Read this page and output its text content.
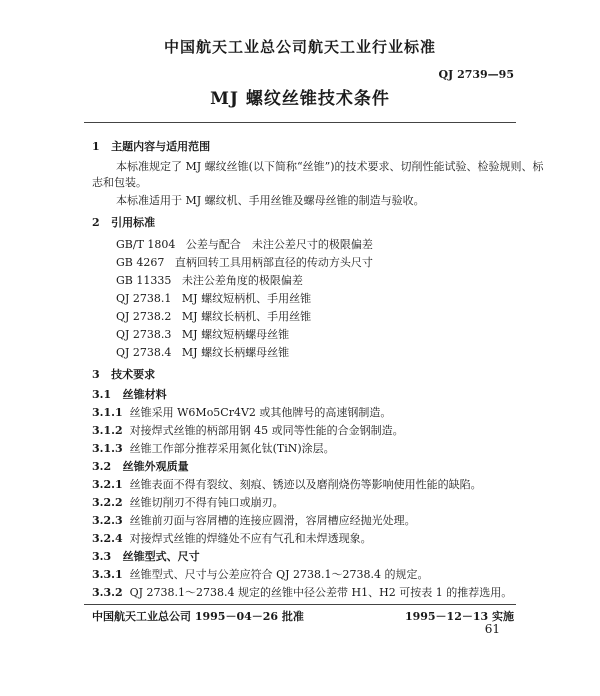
中国航天工业总公司航天工业行业标准
QJ 2739—95
MJ 螺纹丝锥技术条件
1 主题内容与适用范围
本标准规定了 MJ 螺纹丝锥(以下简称“丝锥”)的技术要求、切削性能试验、检验规则、标
志和包装。
本标准适用于 MJ 螺纹机、手用丝锥及螺母丝锥的制造与验收。
2 引用标准
GB/T 1804 公差与配合　未注公差尺寸的极限偏差
GB 4267 直柄回转工具用柄部直径的传动方头尺寸
GB 11335 未注公差角度的极限偏差
QJ 2738.1 MJ 螺纹短柄机、手用丝锥
QJ 2738.2 MJ 螺纹长柄机、手用丝锥
QJ 2738.3 MJ 螺纹短柄螺母丝锥
QJ 2738.4 MJ 螺纹长柄螺母丝锥
3 技术要求
3.1 丝锥材料
3.1.1 丝锥采用 W6Mo5Cr4V2 或其他牌号的高速钢制造。
3.1.2 对接焊式丝锥的柄部用钢 45 或同等性能的合金钢制造。
3.1.3 丝锥工作部分推荐采用氮化钛(TiN)涂层。
3.2 丝锥外观质量
3.2.1 丝锥表面不得有裂纹、刻痕、锈迹以及磨削烧伤等影响使用性能的缺陷。
3.2.2 丝锥切削刃不得有钝口或崩刃。
3.2.3 丝锥前刃面与容屑槽的连接应圆滑，容屑槽应经抛光处理。
3.2.4 对接焊式丝锥的焊缝处不应有气孔和未焊透现象。
3.3 丝锥型式、尺寸
3.3.1 丝锥型式、尺寸与公差应符合 QJ 2738.1～2738.4 的规定。
3.3.2 QJ 2738.1～2738.4 规定的丝锥中径公差带 H1、H2 可按表 1 的推荐选用。
中国航天工业总公司 1995－04－26 批准	1995－12－13 实施
61
